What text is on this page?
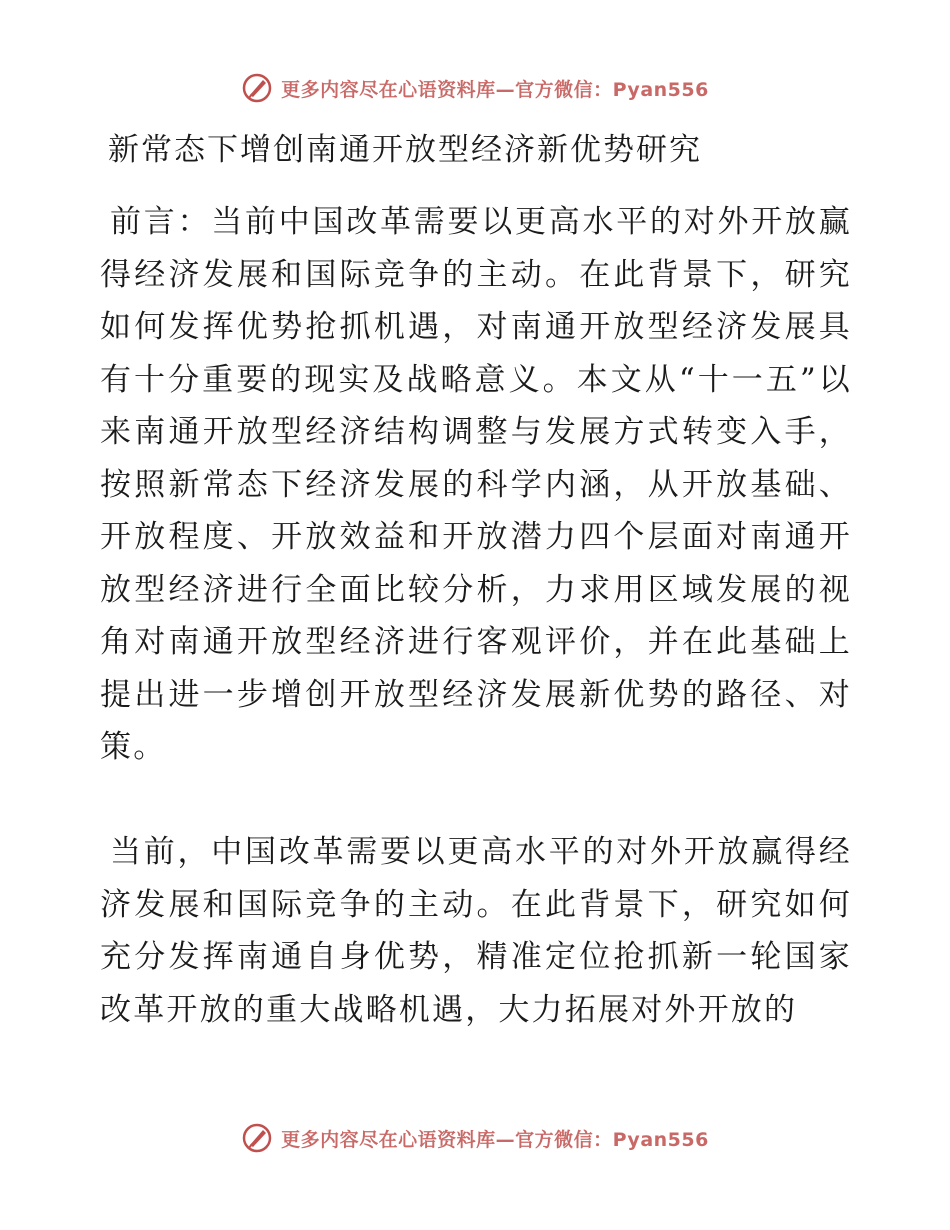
更多内容尽在心语资料库—官方微信：Pyan556
新常态下增创南通开放型经济新优势研究

前言：当前中国改革需要以更高水平的对外开放赢得经济发展和国际竞争的主动。在此背景下，研究如何发挥优势抢抓机遇，对南通开放型经济发展具有十分重要的现实及战略意义。本文从“十一五”以来南通开放型经济结构调整与发展方式转变入手，按照新常态下经济发展的科学内涵，从开放基础、开放程度、开放效益和开放潜力四个层面对南通开放型经济进行全面比较分析，力求用区域发展的视角对南通开放型经济进行客观评价，并在此基础上提出进一步增创开放型经济发展新优势的路径、对策。

当前，中国改革需要以更高水平的对外开放赢得经济发展和国际竞争的主动。在此背景下，研究如何充分发挥南通自身优势，精准定位抢抓新一轮国家改革开放的重大战略机遇，大力拓展对外开放的

更多内容尽在心语资料库—官方微信：Pyan556
